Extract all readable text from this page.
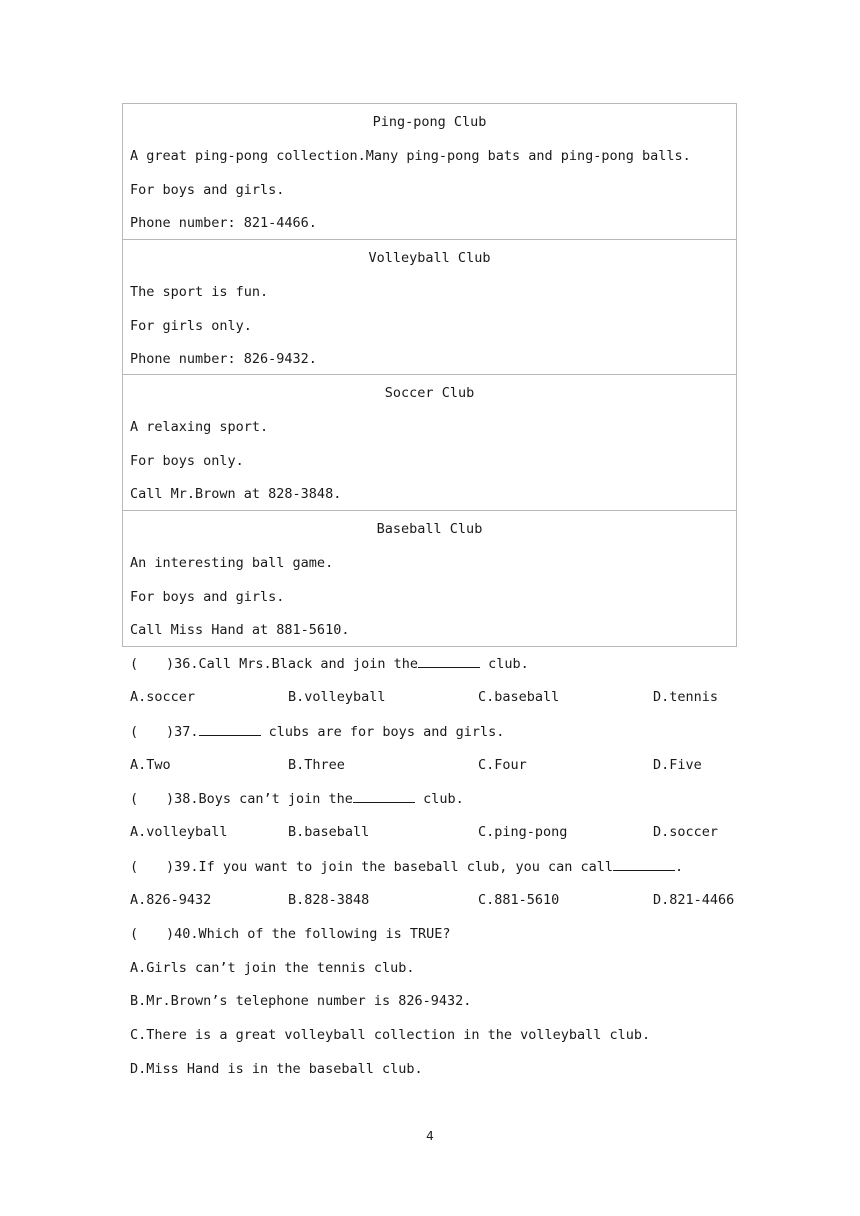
Ping-pong Club
A great ping-pong collection.Many ping-pong bats and ping-pong balls.
For boys and girls.
Phone number: 821-4466.
Volleyball Club
The sport is fun.
For girls only.
Phone number: 826-9432.
Soccer Club
A relaxing sport.
For boys only.
Call Mr.Brown at 828-3848.
Baseball Club
An interesting ball game.
For boys and girls.
Call Miss Hand at 881-5610.
( )36.Call Mrs.Black and join the	club.
A.soccer	B.volleyball	C.baseball	D.tennis
( )37.	clubs are for boys and girls.
A.Two	B.Three	C.Four	D.Five
( )38.Boys can’t join the	club.
A.volleyball	B.baseball	C.ping-pong	D.soccer
( )39.If you want to join the baseball club, you can call	.
A.826-9432	B.828-3848	C.881-5610	D.821-4466
( )40.Which of the following is TRUE?
A.Girls can’t join the tennis club.
B.Mr.Brown’s telephone number is 826-9432.
C.There is a great volleyball collection in the volleyball club.
D.Miss Hand is in the baseball club.
4
